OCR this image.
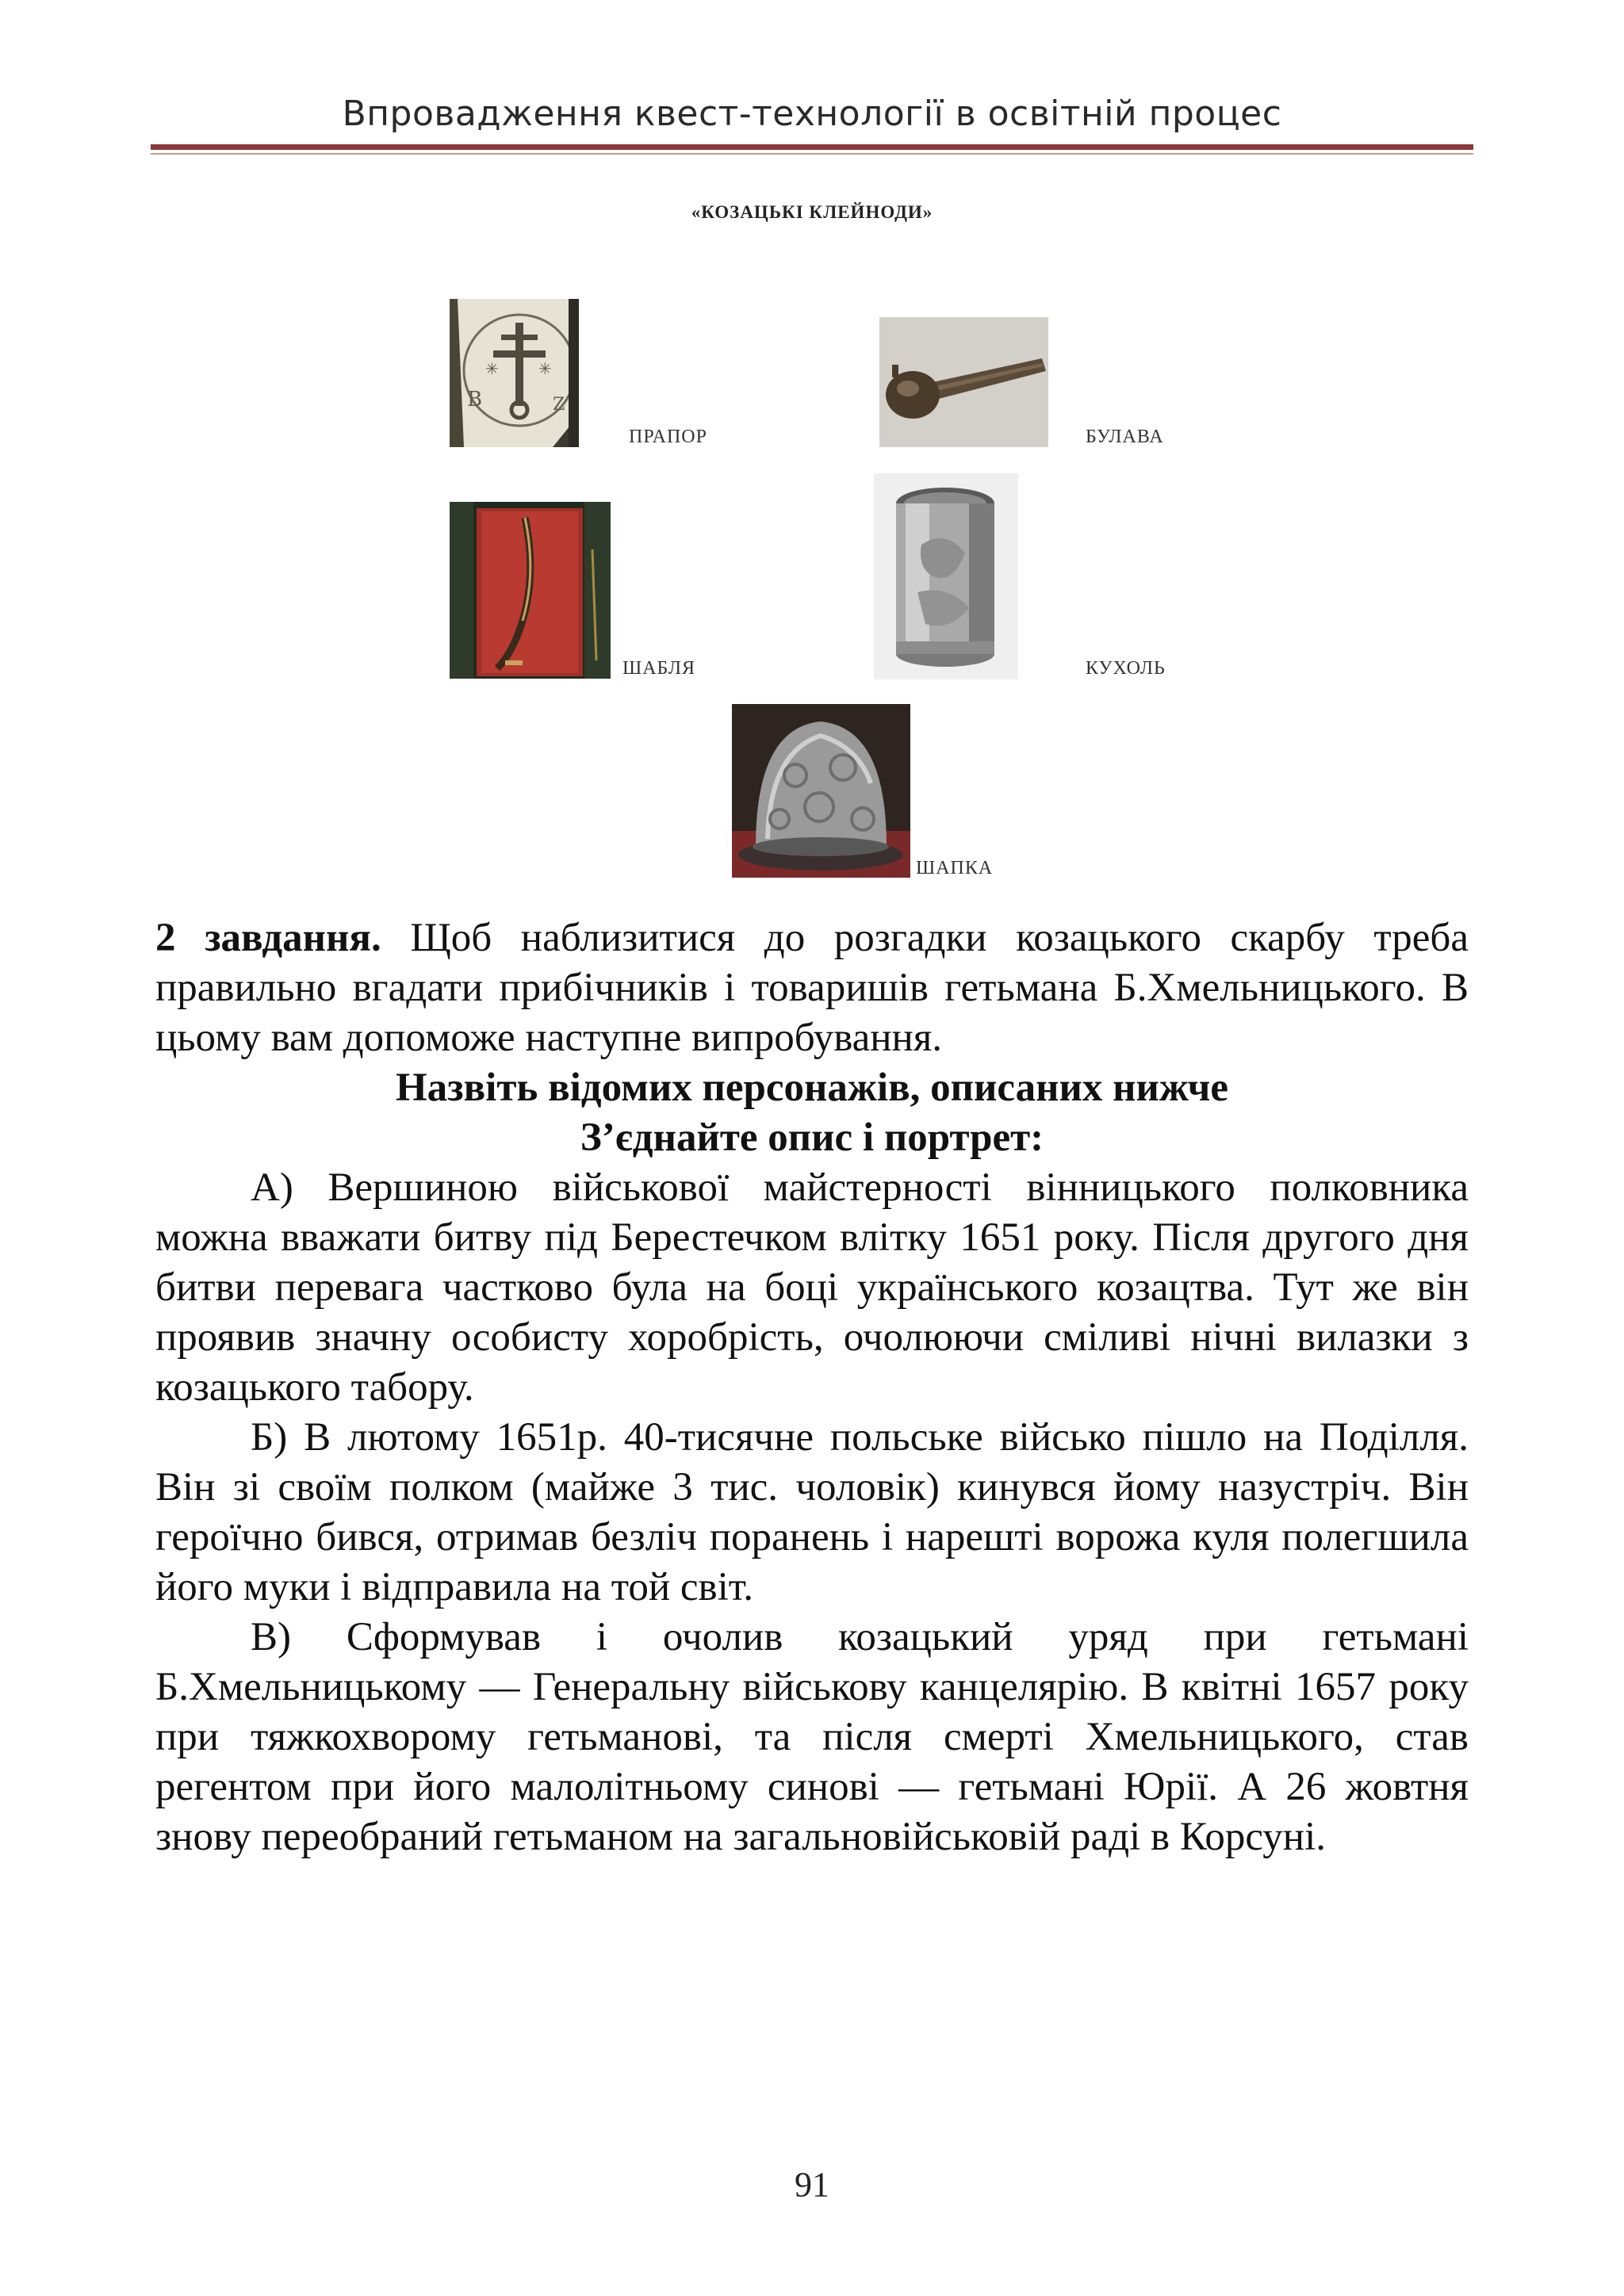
Впровадження квест-технології в освітній процес
«КОЗАЦЬКІ КЛЕЙНОДИ»
✳	✳
B	Z
ПРАПОР	БУЛАВА
ШАБЛЯ	КУХОЛЬ
ШАПКА

2 завдання. Щоб наблизитися до розгадки козацького скарбу треба правильно вгадати прибічників і товаришів гетьмана Б.Хмельницького. В цьому вам допоможе наступне випробування.

Назвіть відомих персонажів, описаних нижче

З’єднайте опис і портрет:

А) Вершиною військової майстерності вінницького полковника можна вважати битву під Берестечком влітку 1651 року. Після другого дня битви перевага частково була на боці українського козацтва. Тут же він проявив значну особисту хоробрість, очолюючи сміливі нічні вилазки з козацького табору.

Б) В лютому 1651р. 40-тисячне польське військо пішло на Поділля. Він зі своїм полком (майже 3 тис. чоловік) кинувся йому назустріч. Він героїчно бився, отримав безліч поранень і нарешті ворожа куля полегшила його муки і відправила на той світ.

В) Сформував і очолив козацький уряд при гетьмані Б.Хмельницькому — Генеральну військову канцелярію. В квітні 1657 року при тяжкохворому гетьманові, та після смерті Хмельницького, став регентом при його малолітньому синові — гетьмані Юрії. А 26 жовтня знову переобраний гетьманом на загальновійськовій раді в Корсуні.

91
